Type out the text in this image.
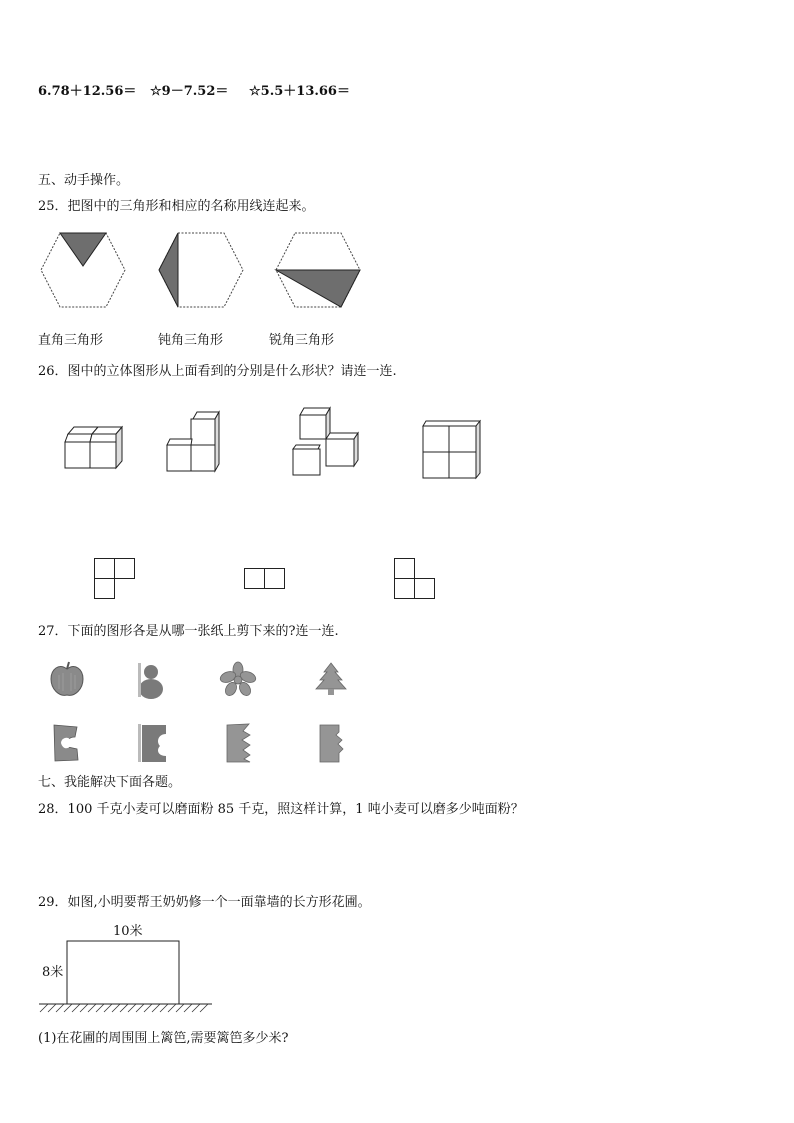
6.78＋12.56＝ ☆9－7.52＝ ☆5.5＋13.66＝
五、动手操作。
25．把图中的三角形和相应的名称用线连起来。
直角三角形	钝角三角形	锐角三角形
26．图中的立体图形从上面看到的分别是什么形状？请连一连.
27．下面的图形各是从哪一张纸上剪下来的?连一连.
七、我能解决下面各题。
28．100 千克小麦可以磨面粉 85 千克，照这样计算，1 吨小麦可以磨多少吨面粉？
29．如图,小明要帮王奶奶修一个一面靠墙的长方形花圃。
10米
8米
(1)在花圃的周围围上篱笆,需要篱笆多少米?
